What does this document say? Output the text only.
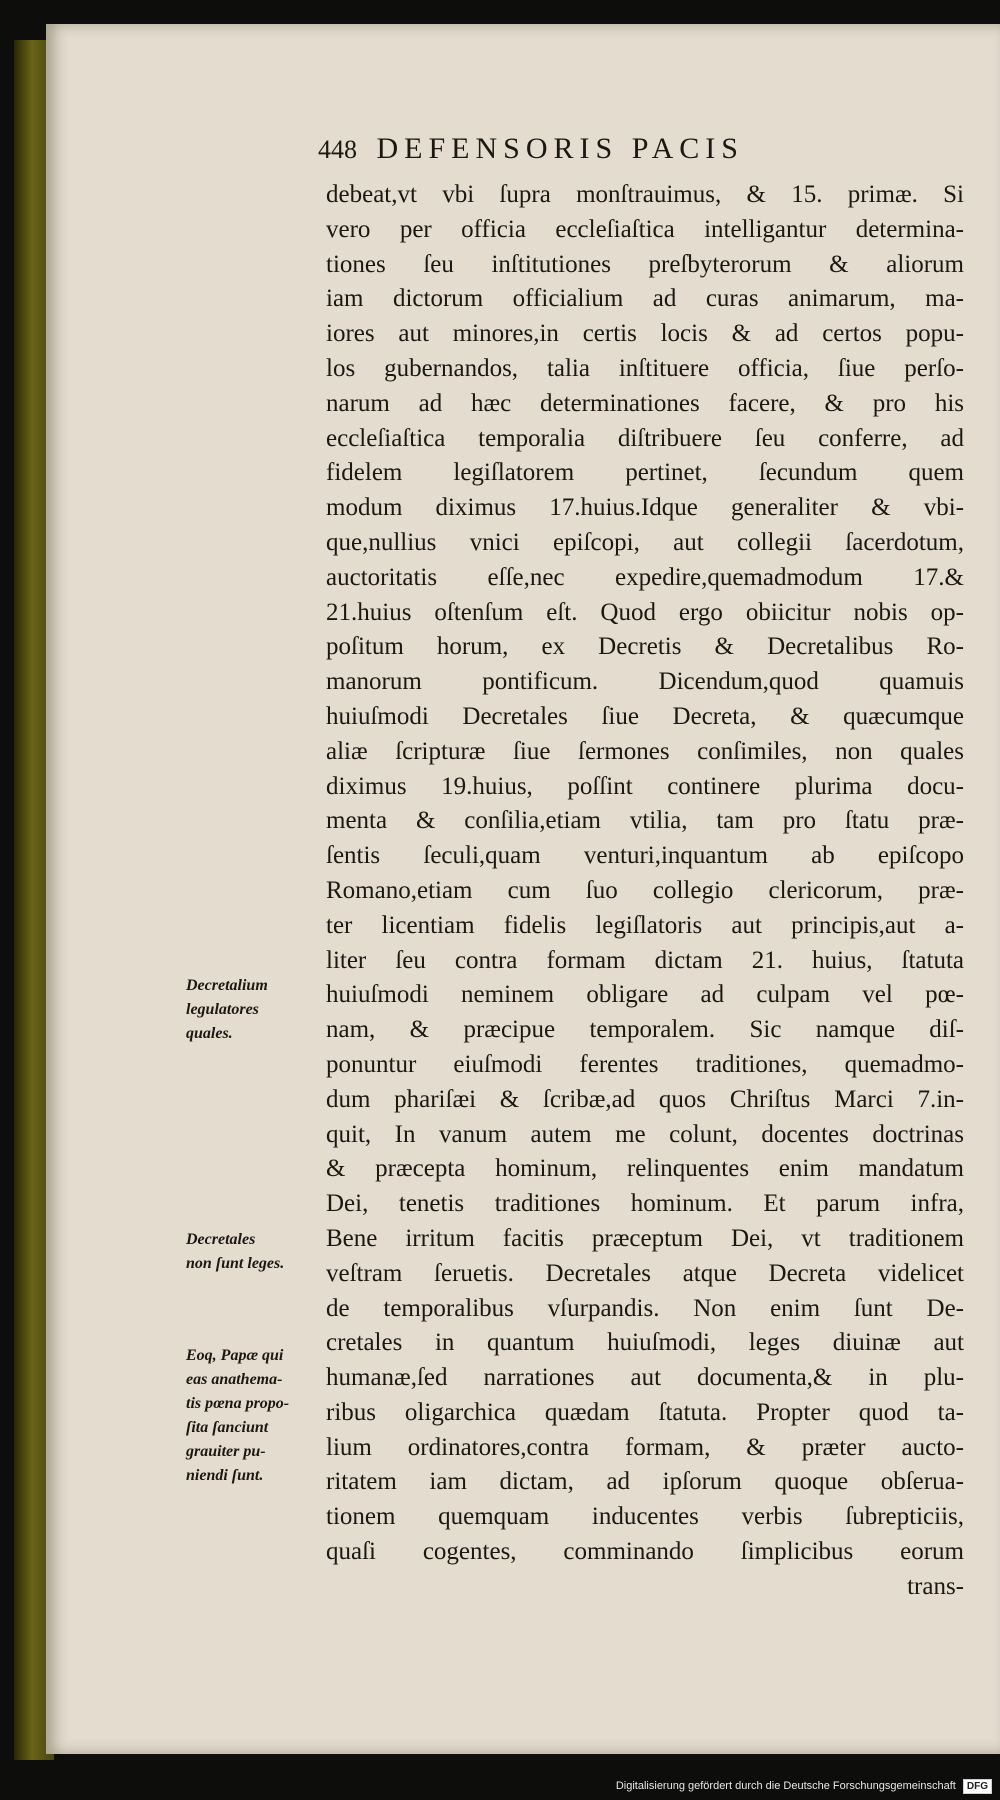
448 DEFENSORIS PACIS
debeat,vt vbi ſupra monſtrauimus, & 15. primæ. Si
vero per officia eccleſiaſtica intelligantur determina-
tiones ſeu inſtitutiones preſbyterorum & aliorum
iam dictorum officialium ad curas animarum, ma-
iores aut minores,in certis locis & ad certos popu-
los gubernandos, talia inſtituere officia, ſiue perſo-
narum ad hæc determinationes facere, & pro his
eccleſiaſtica temporalia diſtribuere ſeu conferre, ad
fidelem legiſlatorem pertinet, ſecundum quem
modum diximus 17.huius.Idque generaliter & vbi-
que,nullius vnici epiſcopi, aut collegii ſacerdotum,
auctoritatis eſſe,nec expedire,quemadmodum 17.&
21.huius oſtenſum eſt. Quod ergo obiicitur nobis op-
poſitum horum, ex Decretis & Decretalibus Ro-
manorum pontificum. Dicendum,quod quamuis
huiuſmodi Decretales ſiue Decreta, & quæcumque
aliæ ſcripturæ ſiue ſermones conſimiles, non quales
diximus 19.huius, poſſint continere plurima docu-
menta & conſilia,etiam vtilia, tam pro ſtatu præ-
ſentis ſeculi,quam venturi,inquantum ab epiſcopo
Romano,etiam cum ſuo collegio clericorum, præ-
ter licentiam fidelis legiſlatoris aut principis,aut a-
liter ſeu contra formam dictam 21. huius, ſtatuta
huiuſmodi neminem obligare ad culpam vel pœ-
nam, & præcipue temporalem. Sic namque diſ-
ponuntur eiuſmodi ferentes traditiones, quemadmo-
dum phariſæi & ſcribæ,ad quos Chriſtus Marci 7.in-
quit, In vanum autem me colunt, docentes doctrinas
& præcepta hominum, relinquentes enim mandatum
Dei, tenetis traditiones hominum. Et parum infra,
Bene irritum facitis præceptum Dei, vt traditionem
veſtram ſeruetis. Decretales atque Decreta videlicet
de temporalibus vſurpandis. Non enim ſunt De-
cretales in quantum huiuſmodi, leges diuinæ aut
humanæ,ſed narrationes aut documenta,& in plu-
ribus oligarchica quædam ſtatuta. Propter quod ta-
lium ordinatores,contra formam, & præter aucto-
ritatem iam dictam, ad ipſorum quoque obſerua-
tionem quemquam inducentes verbis ſubrepticiis,
quaſi cogentes, comminando ſimplicibus eorum
trans-
Decretalium
legulatores
quales.
Decretales
non ſunt leges.
Eoq, Papæ qui
eas anathema-
tis pœna propo-
ſita ſanciunt
grauiter pu-
niendi ſunt.
Digitalisierung gefördert durch die Deutsche Forschungsgemeinschaft DFG
